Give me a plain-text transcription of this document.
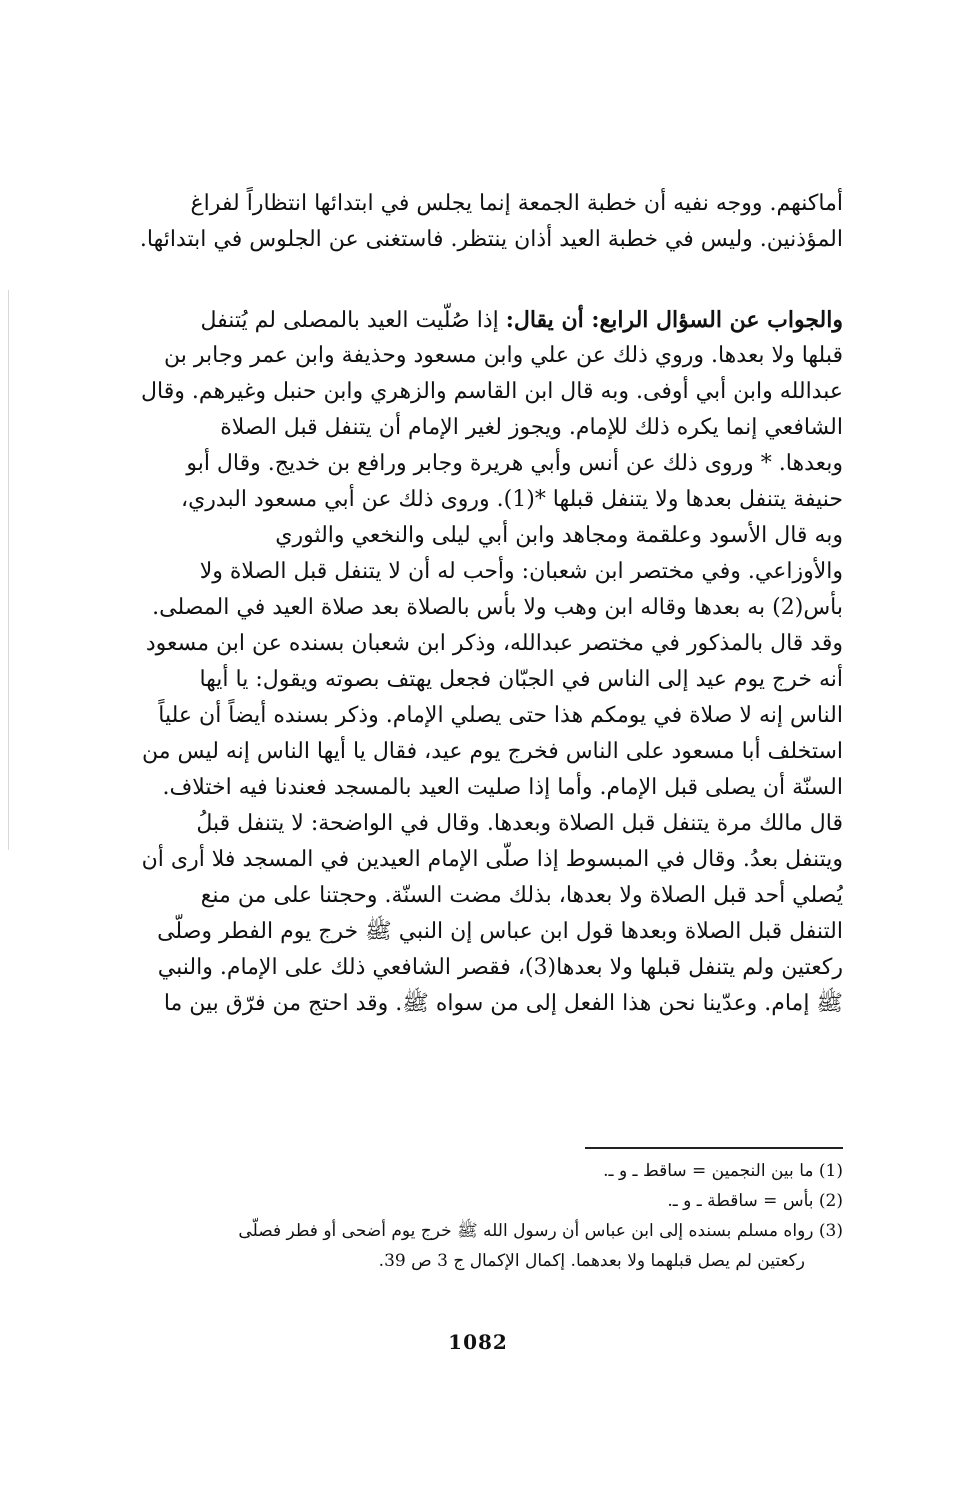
أماكنهم. ووجه نفيه أن خطبة الجمعة إنما يجلس في ابتدائها انتظاراً لفراغ
المؤذنين. وليس في خطبة العيد أذان ينتظر. فاستغنى عن الجلوس في ابتدائها.
والجواب عن السؤال الرابع: أن يقال: إذا صُلّيت العيد بالمصلى لم يُتنفل
قبلها ولا بعدها. وروي ذلك عن علي وابن مسعود وحذيفة وابن عمر وجابر بن
عبدالله وابن أبي أوفى. وبه قال ابن القاسم والزهري وابن حنبل وغيرهم. وقال
الشافعي إنما يكره ذلك للإمام. ويجوز لغير الإمام أن يتنفل قبل الصلاة
وبعدها. * وروى ذلك عن أنس وأبي هريرة وجابر ورافع بن خديج. وقال أبو
حنيفة يتنفل بعدها ولا يتنفل قبلها *(1). وروى ذلك عن أبي مسعود البدري،
وبه قال الأسود وعلقمة ومجاهد وابن أبي ليلى والنخعي والثوري
والأوزاعي. وفي مختصر ابن شعبان: وأحب له أن لا يتنفل قبل الصلاة ولا
بأس(2) به بعدها وقاله ابن وهب ولا بأس بالصلاة بعد صلاة العيد في المصلى.
وقد قال بالمذكور في مختصر عبدالله، وذكر ابن شعبان بسنده عن ابن مسعود
أنه خرج يوم عيد إلى الناس في الجبّان فجعل يهتف بصوته ويقول: يا أيها
الناس إنه لا صلاة في يومكم هذا حتى يصلي الإمام. وذكر بسنده أيضاً أن علياً
استخلف أبا مسعود على الناس فخرج يوم عيد، فقال يا أيها الناس إنه ليس من
السنّة أن يصلى قبل الإمام. وأما إذا صليت العيد بالمسجد فعندنا فيه اختلاف.
قال مالك مرة يتنفل قبل الصلاة وبعدها. وقال في الواضحة: لا يتنفل قبلُ
ويتنفل بعدُ. وقال في المبسوط إذا صلّى الإمام العيدين في المسجد فلا أرى أن
يُصلي أحد قبل الصلاة ولا بعدها، بذلك مضت السنّة. وحجتنا على من منع
التنفل قبل الصلاة وبعدها قول ابن عباس إن النبي ﷺ خرج يوم الفطر وصلّى
ركعتين ولم يتنفل قبلها ولا بعدها(3)، فقصر الشافعي ذلك على الإمام. والنبي
ﷺ إمام. وعدّينا نحن هذا الفعل إلى من سواه ﷺ. وقد احتج من فرّق بين ما
(1) ما بين النجمين = ساقط ـ و ـ.
(2) بأس = ساقطة ـ و ـ.
(3) رواه مسلم بسنده إلى ابن عباس أن رسول الله ﷺ خرج يوم أضحى أو فطر فصلّى
ركعتين لم يصل قبلهما ولا بعدهما. إكمال الإكمال ج 3 ص 39.
1082
